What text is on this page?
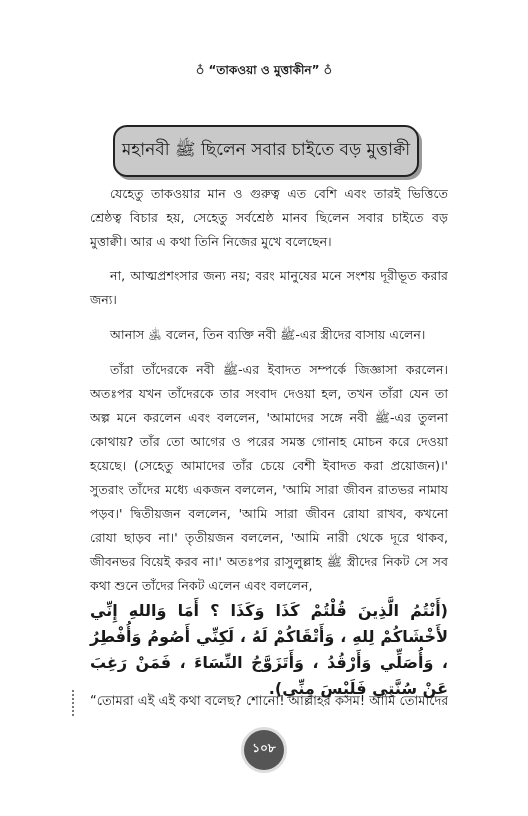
♁ “তাকওয়া ও মুত্তাকীন” ♁
মহানবী ﷺ ছিলেন সবার চাইতে বড় মুত্তাক্বী
যেহেতু তাকওয়ার মান ও গুরুত্ব এত বেশি এবং তারই ভিত্তিতে শ্রেষ্ঠত্ব বিচার হয়, সেহেতু সর্বশ্রেষ্ঠ মানব ছিলেন সবার চাইতে বড় মুত্তাক্বী। আর এ কথা তিনি নিজের মুখে বলেছেন।
না, আত্মপ্রশংসার জন্য নয়; বরং মানুষের মনে সংশয় দূরীভূত করার জন্য।
আনাস ﵁ বলেন, তিন ব্যক্তি নবী ﷺ-এর স্ত্রীদের বাসায় এলেন।
তাঁরা তাঁদেরকে নবী ﷺ-এর ইবাদত সম্পর্কে জিজ্ঞাসা করলেন। অতঃপর যখন তাঁদেরকে তার সংবাদ দেওয়া হল, তখন তাঁরা যেন তা অল্প মনে করলেন এবং বললেন, 'আমাদের সঙ্গে নবী ﷺ-এর তুলনা কোথায়? তাঁর তো আগের ও পরের সমস্ত গোনাহ মোচন করে দেওয়া হয়েছে। (সেহেতু আমাদের তাঁর চেয়ে বেশী ইবাদত করা প্রয়োজন)।' সুতরাং তাঁদের মধ্যে একজন বললেন, 'আমি সারা জীবন রাতভর নামায পড়ব।' দ্বিতীয়জন বললেন, 'আমি সারা জীবন রোযা রাখব, কখনো রোযা ছাড়ব না।' তৃতীয়জন বললেন, 'আমি নারী থেকে দূরে থাকব, জীবনভর বিয়েই করব না।' অতঃপর রাসুলুল্লাহ ﷺ স্ত্রীদের নিকট সে সব কথা শুনে তাঁদের নিকট এলেন এবং বললেন,
(أَنْتُمُ الَّذِينَ قُلْتُمْ كَذَا وَكَذَا ؟ أَمَا وَاللهِ إِنِّي لأَخْشَاكُمْ لِلهِ ، وَأَتْقَاكُمْ لَهُ ، لَكِنِّي أَصُومُ وَأُفْطِرُ ، وَأُصَلِّي وَأَرْقُدُ ، وَأَتَزَوَّجُ النِّسَاءَ ، فَمَنْ رَغِبَ عَنْ سُنَّتِي فَلَيْسَ مِنِّي).
“তোমরা এই এই কথা বলেছ? শোনো! আল্লাহর কসম! আমি তোমাদের
১০৮
